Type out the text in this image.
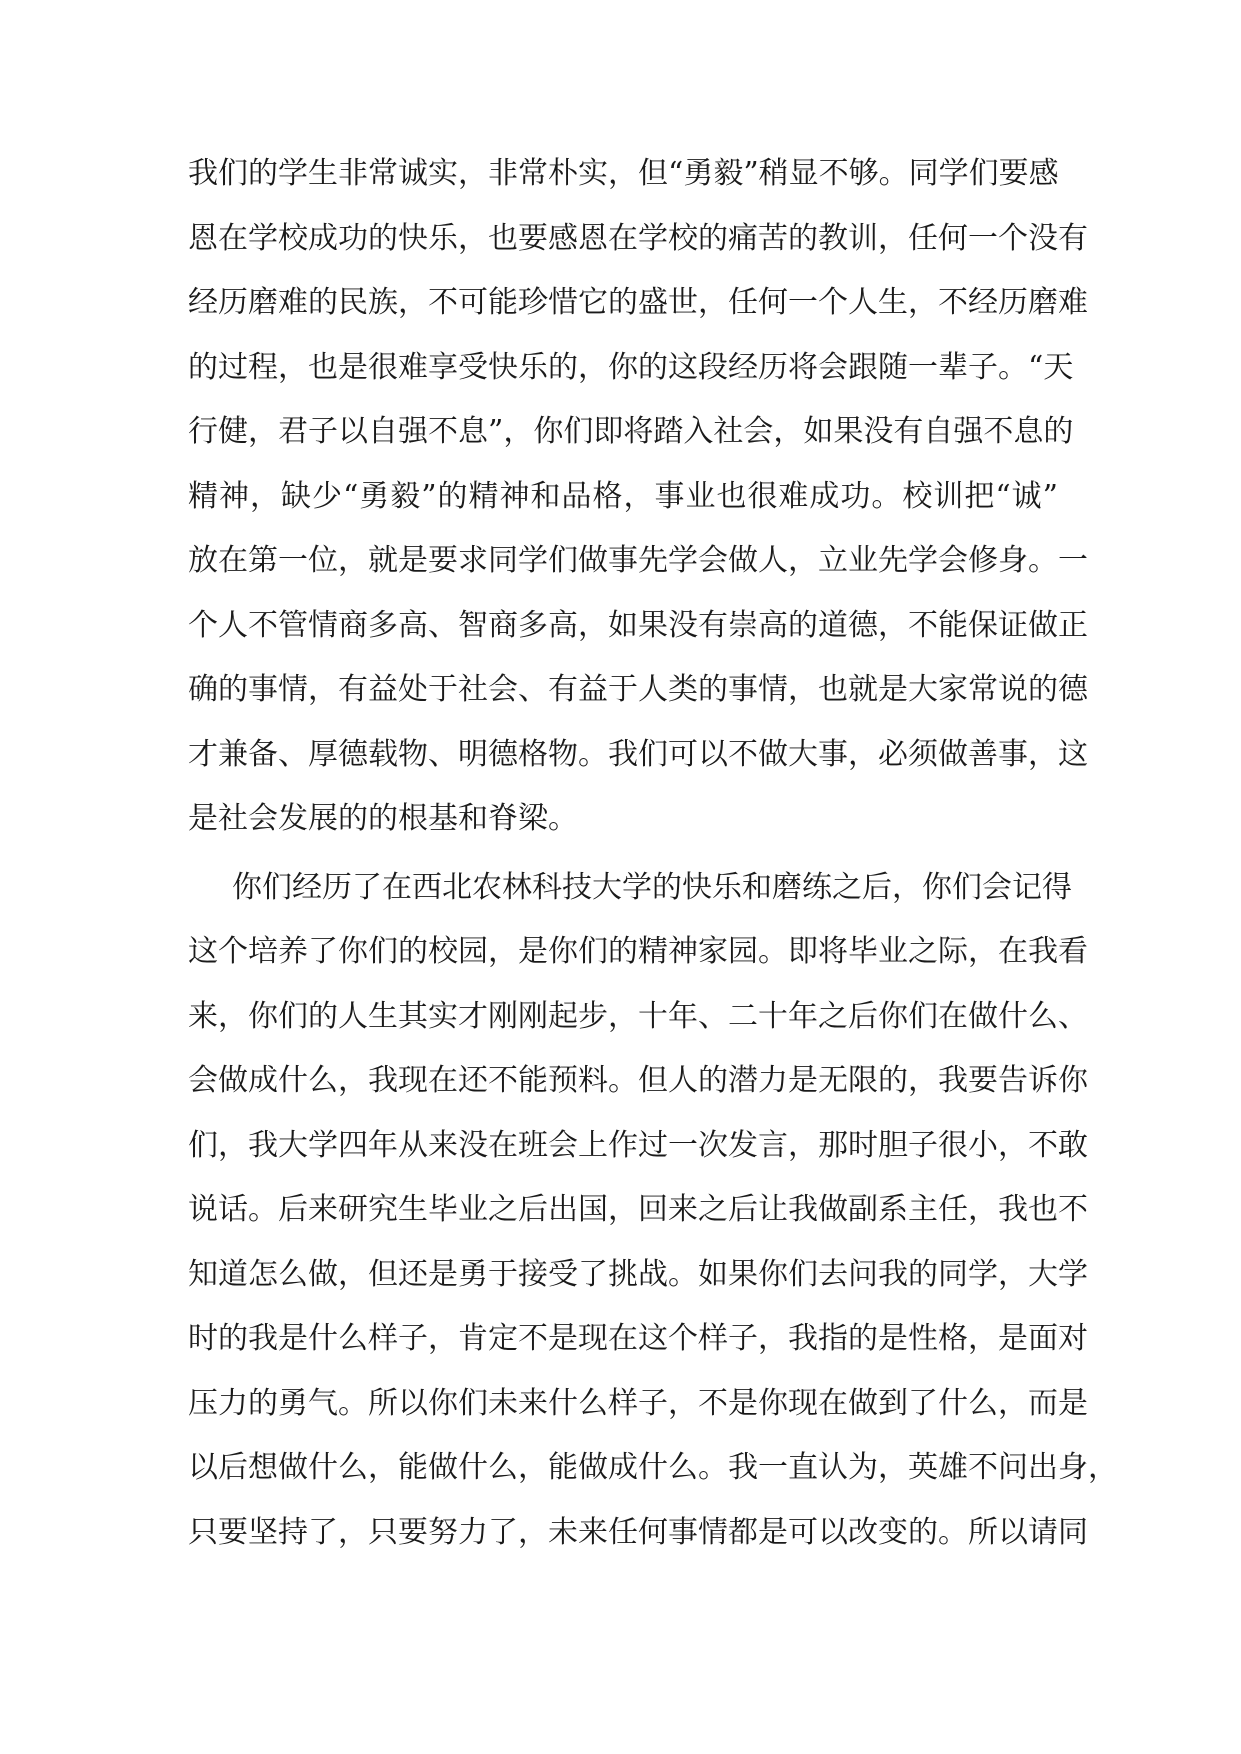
我们的学生非常诚实，非常朴实，但“勇毅”稍显不够。同学们要感
恩在学校成功的快乐，也要感恩在学校的痛苦的教训，任何一个没有
经历磨难的民族，不可能珍惜它的盛世，任何一个人生，不经历磨难
的过程，也是很难享受快乐的，你的这段经历将会跟随一辈子。“天
行健，君子以自强不息”，你们即将踏入社会，如果没有自强不息的
精神，缺少“勇毅”的精神和品格，事业也很难成功。校训把“诚”
放在第一位，就是要求同学们做事先学会做人，立业先学会修身。一
个人不管情商多高、智商多高，如果没有崇高的道德，不能保证做正
确的事情，有益处于社会、有益于人类的事情，也就是大家常说的德
才兼备、厚德载物、明德格物。我们可以不做大事，必须做善事，这
是社会发展的的根基和脊梁。
你们经历了在西北农林科技大学的快乐和磨练之后，你们会记得
这个培养了你们的校园，是你们的精神家园。即将毕业之际，在我看
来，你们的人生其实才刚刚起步，十年、二十年之后你们在做什么、
会做成什么，我现在还不能预料。但人的潜力是无限的，我要告诉你
们，我大学四年从来没在班会上作过一次发言，那时胆子很小，不敢
说话。后来研究生毕业之后出国，回来之后让我做副系主任，我也不
知道怎么做，但还是勇于接受了挑战。如果你们去问我的同学，大学
时的我是什么样子，肯定不是现在这个样子，我指的是性格，是面对
压力的勇气。所以你们未来什么样子，不是你现在做到了什么，而是
以后想做什么，能做什么，能做成什么。我一直认为，英雄不问出身，
只要坚持了，只要努力了，未来任何事情都是可以改变的。所以请同
